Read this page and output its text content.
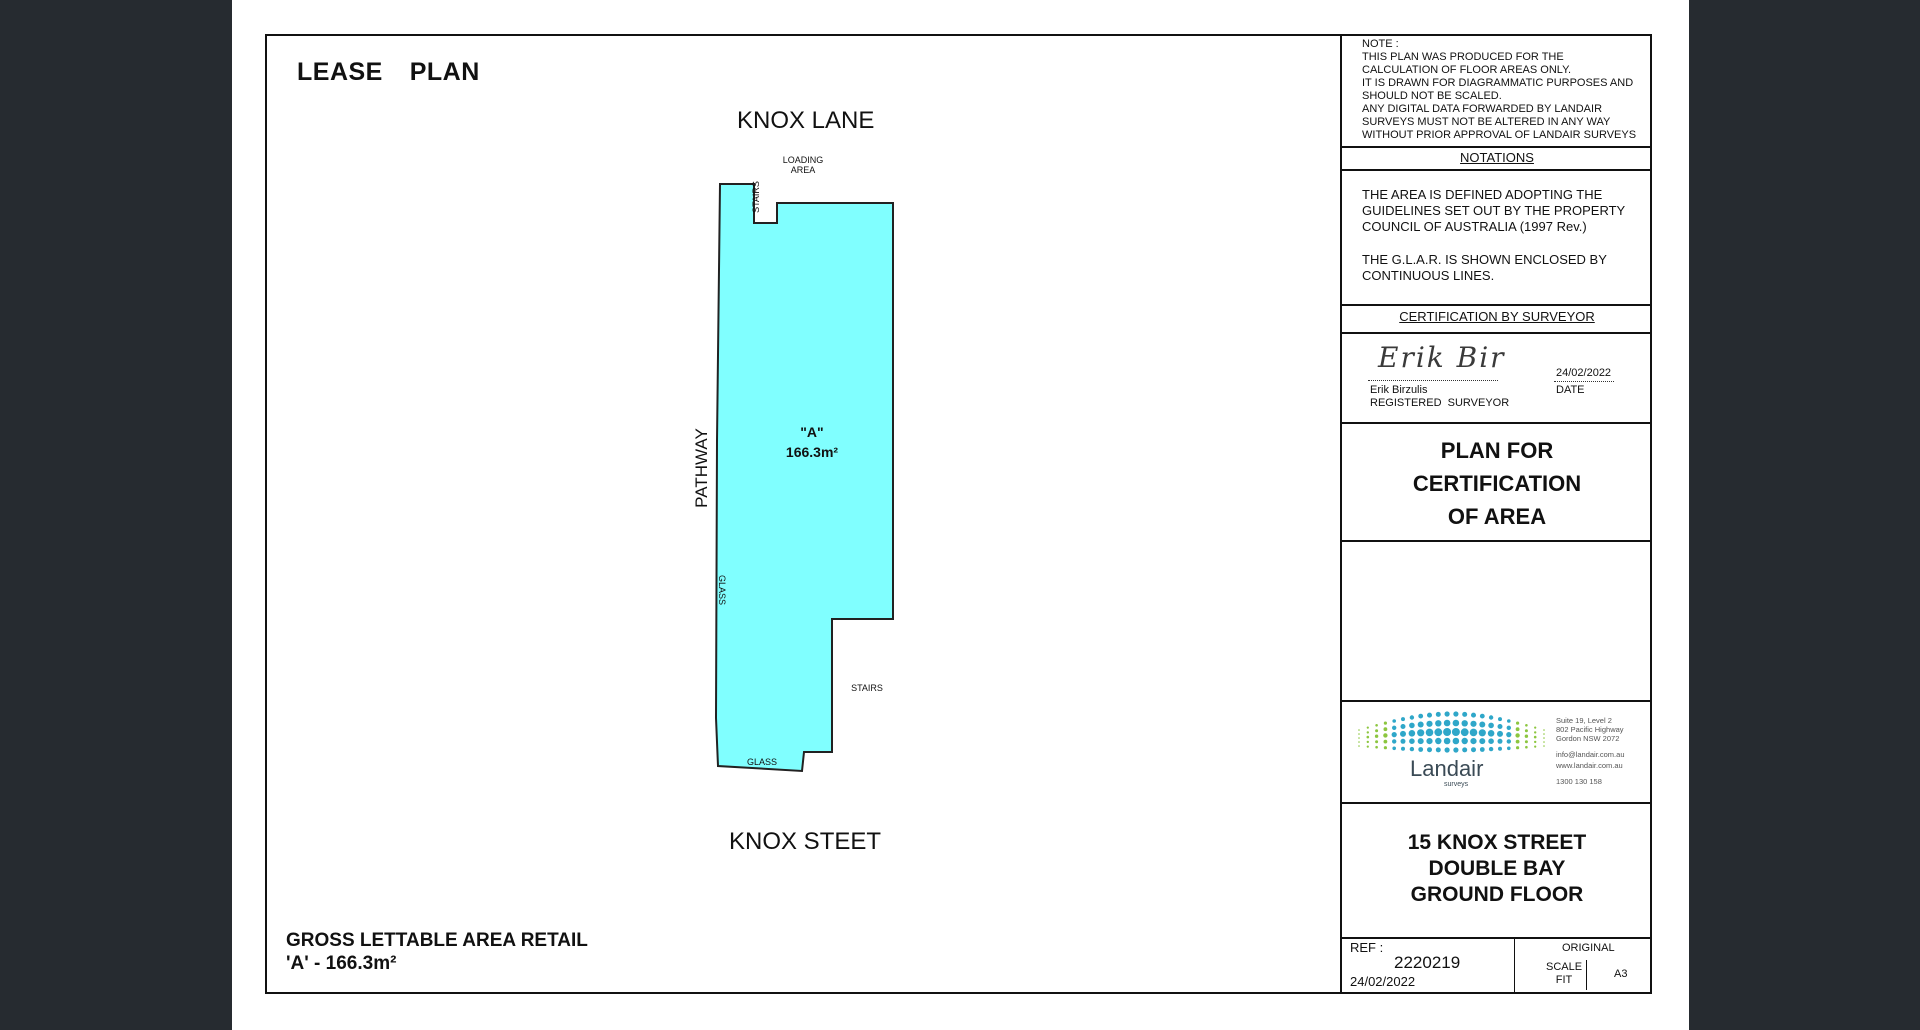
LEASE  PLAN
KNOX LANE
LOADING AREA
STAIRS
PATHWAY
GLASS
GLASS
STAIRS
"A"
166.3m²
KNOX STEET
GROSS LETTABLE AREA RETAIL
'A' - 166.3m²
NOTE :
THIS PLAN WAS PRODUCED FOR THE
CALCULATION OF FLOOR AREAS ONLY.
IT IS DRAWN FOR DIAGRAMMATIC PURPOSES AND
SHOULD NOT BE SCALED.
ANY DIGITAL DATA FORWARDED BY LANDAIR
SURVEYS MUST NOT BE ALTERED IN ANY WAY
WITHOUT PRIOR APPROVAL OF LANDAIR SURVEYS
NOTATIONS
THE AREA IS DEFINED ADOPTING THE GUIDELINES SET OUT BY THE PROPERTY COUNCIL OF AUSTRALIA (1997 Rev.)
THE G.L.A.R. IS SHOWN ENCLOSED BY CONTINUOUS LINES.
CERTIFICATION BY SURVEYOR
Erik Bir
Erik Birzulis
REGISTERED  SURVEYOR
24/02/2022
DATE
PLAN FOR
CERTIFICATION
OF AREA
Landair
surveys
Suite 19, Level 2
802 Pacific Highway
Gordon NSW 2072
info@landair.com.au
www.landair.com.au
1300 130 158
15 KNOX STREET
DOUBLE BAY
GROUND FLOOR
REF :
2220219
24/02/2022
ORIGINAL
SCALE
FIT	A3
